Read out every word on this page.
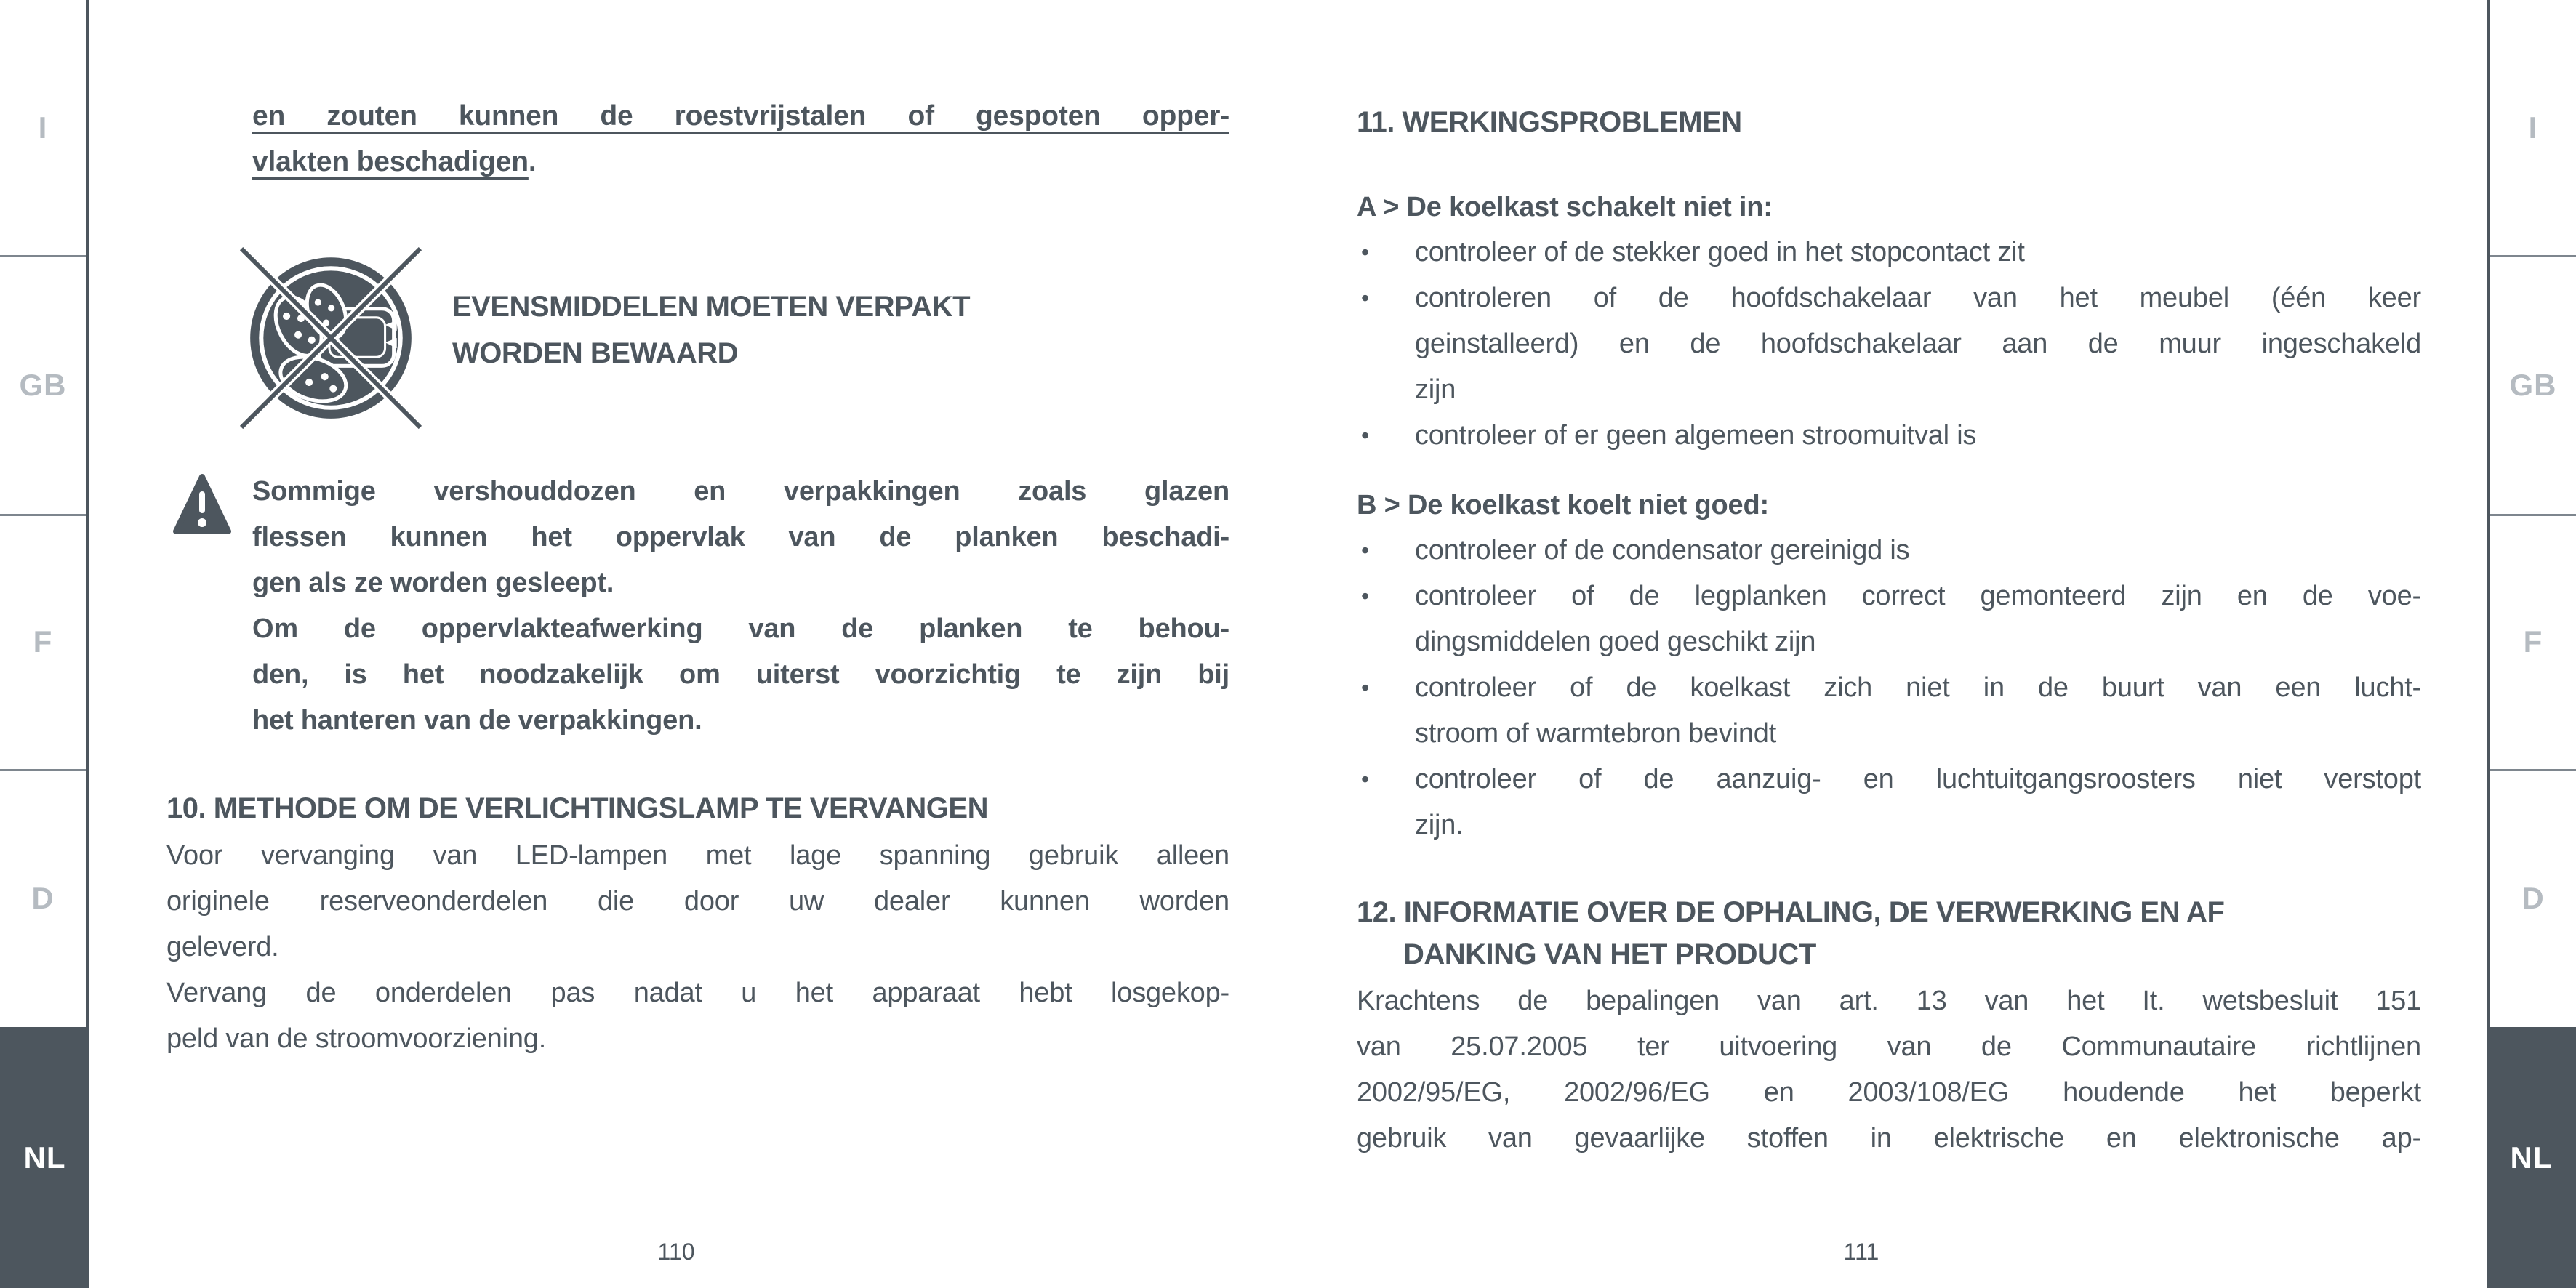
I
GB
F
D
NL
I
GB
F
D
NL
en zouten kunnen de roestvrijstalen of gespoten opper-
vlakten beschadigen.
EVENSMIDDELEN MOETEN VERPAKT
WORDEN BEWAARD
Sommige vershouddozen en verpakkingen zoals glazen
flessen kunnen het oppervlak van de planken beschadi-
gen als ze worden gesleept.
Om de oppervlakteafwerking van de planken te behou-
den, is het noodzakelijk om uiterst voorzichtig te zijn bij
het hanteren van de verpakkingen.
10. METHODE OM DE VERLICHTINGSLAMP TE VERVANGEN
Voor vervanging van LED-lampen met lage spanning gebruik alleen
originele reserveonderdelen die door uw dealer kunnen worden
geleverd.
Vervang de onderdelen pas nadat u het apparaat hebt losgekop-
peld van de stroomvoorziening.
110
11. WERKINGSPROBLEMEN
A > De koelkast schakelt niet in:
•	controleer of de stekker goed in het stopcontact zit
•	controleren of de hoofdschakelaar van het meubel (één keer
geinstalleerd) en de hoofdschakelaar aan de muur ingeschakeld
zijn
•	controleer of er geen algemeen stroomuitval is
B > De koelkast koelt niet goed:
•	controleer of de condensator gereinigd is
•	controleer of de legplanken correct gemonteerd zijn en de voe-
dingsmiddelen goed geschikt zijn
•	controleer of de koelkast zich niet in de buurt van een lucht-
stroom of warmtebron bevindt
•	controleer of de aanzuig- en luchtuitgangsroosters niet verstopt
zijn.
12. INFORMATIE OVER DE OPHALING, DE VERWERKING EN AF
DANKING VAN HET PRODUCT
Krachtens de bepalingen van art. 13 van het It. wetsbesluit 151
van 25.07.2005 ter uitvoering van de Communautaire richtlijnen
2002/95/EG, 2002/96/EG en 2003/108/EG houdende het beperkt
gebruik van gevaarlijke stoffen in elektrische en elektronische ap-
111
